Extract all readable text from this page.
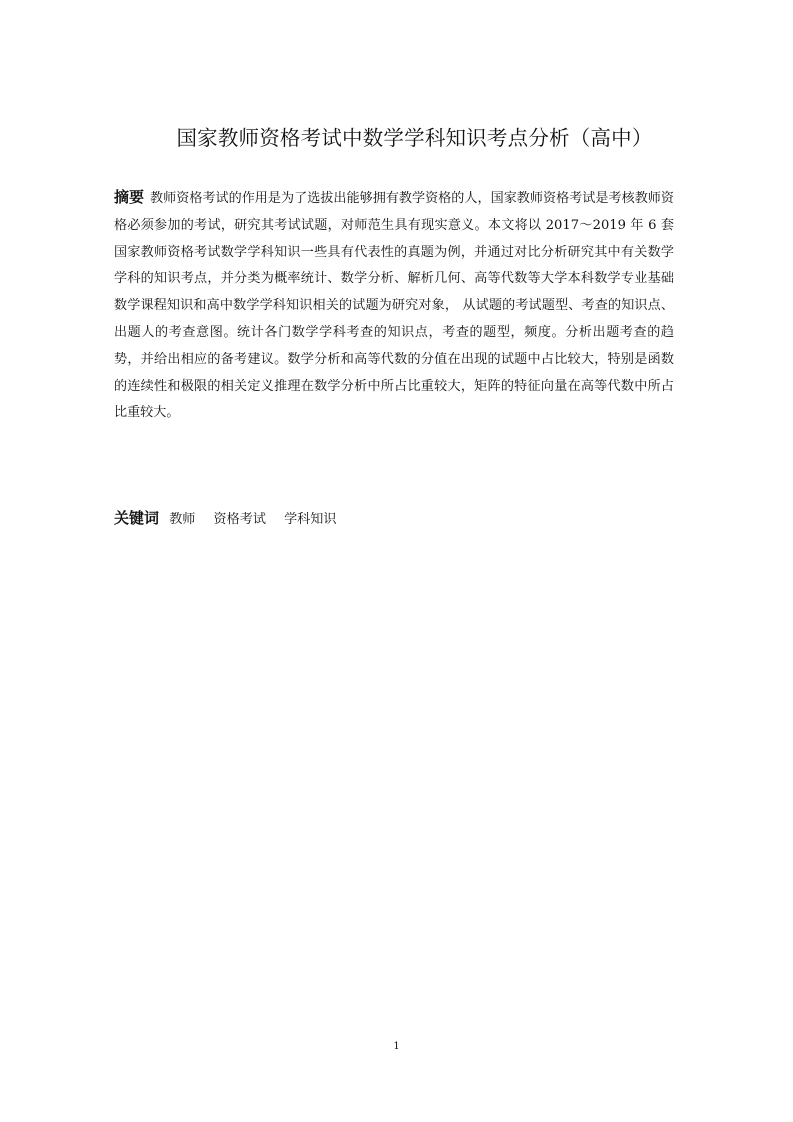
国家教师资格考试中数学学科知识考点分析（高中）
摘要 教师资格考试的作用是为了选拔出能够拥有教学资格的人，国家教师资格考试是考核教师资格必须参加的考试，研究其考试试题，对师范生具有现实意义。本文将以 2017～2019 年 6 套国家教师资格考试数学学科知识一些具有代表性的真题为例，并通过对比分析研究其中有关数学学科的知识考点，并分类为概率统计、数学分析、解析几何、高等代数等大学本科数学专业基础数学课程知识和高中数学学科知识相关的试题为研究对象， 从试题的考试题型、考查的知识点、出题人的考查意图。统计各门数学学科考查的知识点，考查的题型，频度。分析出题考查的趋势，并给出相应的备考建议。数学分析和高等代数的分值在出现的试题中占比较大，特别是函数的连续性和极限的相关定义推理在数学分析中所占比重较大，矩阵的特征向量在高等代数中所占比重较大。
关键词 教师 资格考试 学科知识
1
